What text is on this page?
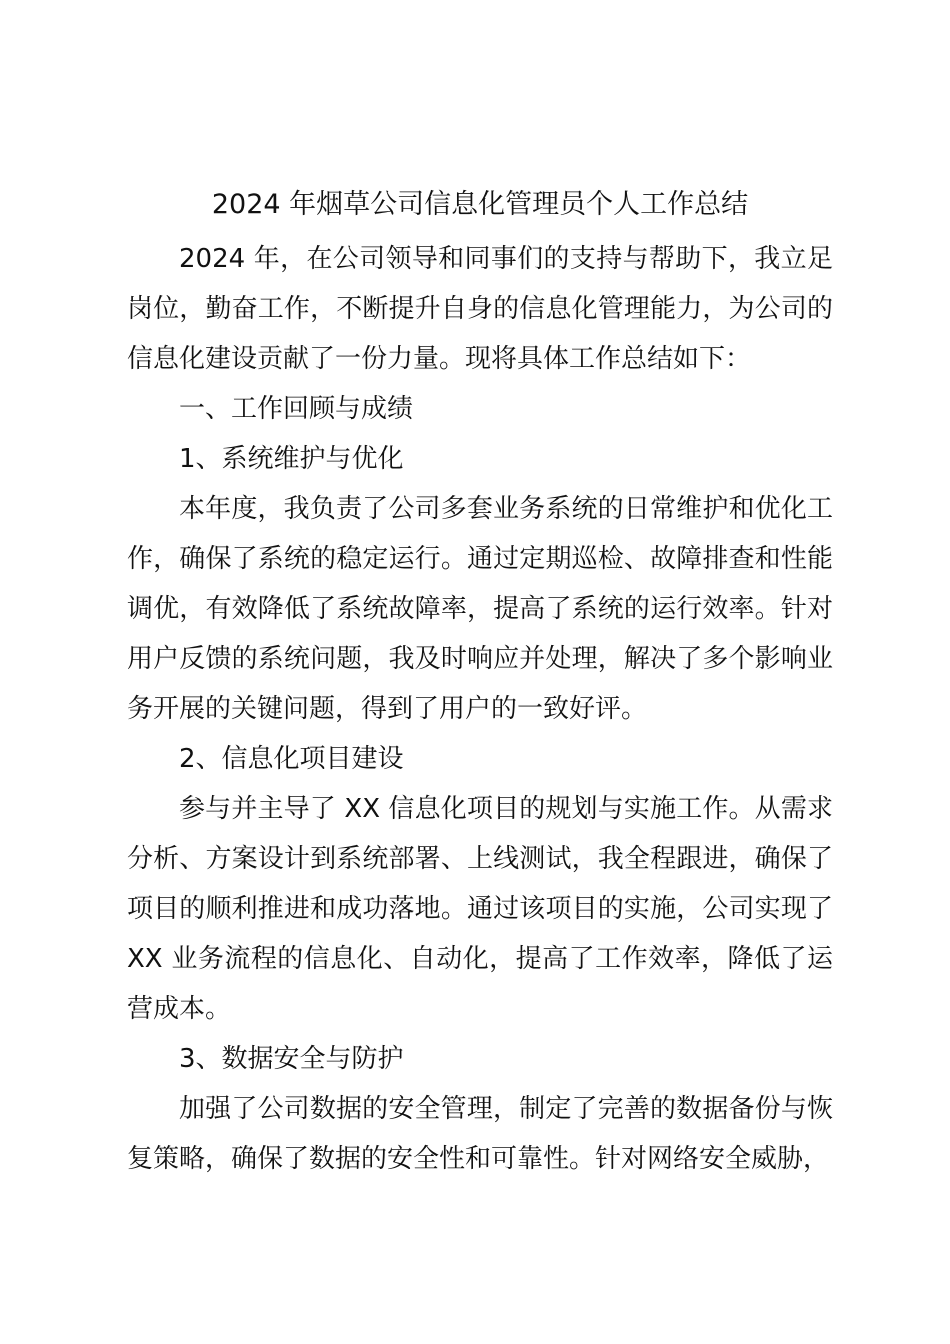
2024 年烟草公司信息化管理员个人工作总结

2024 年，在公司领导和同事们的支持与帮助下，我立足岗位，勤奋工作，不断提升自身的信息化管理能力，为公司的信息化建设贡献了一份力量。现将具体工作总结如下：

一、工作回顾与成绩
1、系统维护与优化

本年度，我负责了公司多套业务系统的日常维护和优化工作，确保了系统的稳定运行。通过定期巡检、故障排查和性能调优，有效降低了系统故障率，提高了系统的运行效率。针对用户反馈的系统问题，我及时响应并处理，解决了多个影响业务开展的关键问题，得到了用户的一致好评。

2、信息化项目建设

参与并主导了 XX 信息化项目的规划与实施工作。从需求分析、方案设计到系统部署、上线测试，我全程跟进，确保了项目的顺利推进和成功落地。通过该项目的实施，公司实现了 XX 业务流程的信息化、自动化，提高了工作效率，降低了运营成本。

3、数据安全与防护

加强了公司数据的安全管理，制定了完善的数据备份与恢复策略，确保了数据的安全性和可靠性。针对网络安全威胁，
